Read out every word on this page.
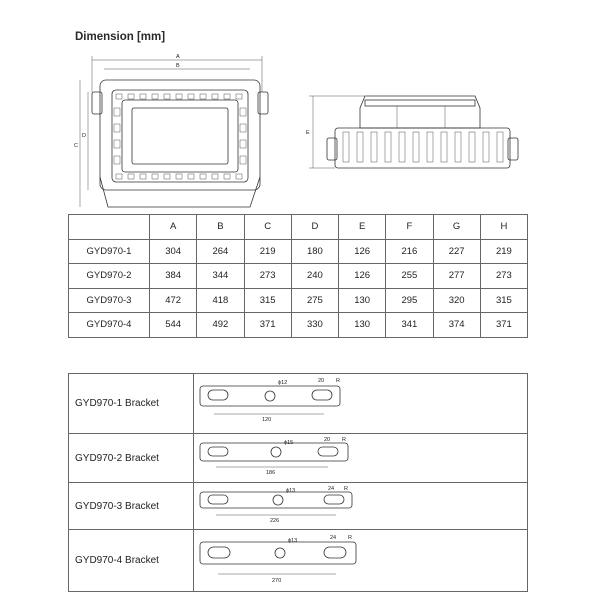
Dimension [mm]
A
B
C
D	E
	A	B	C	D	E	F	G	H
GYD970-1	304	264	219	180	126	216	227	219
GYD970-2	384	344	273	240	126	255	277	273
GYD970-3	472	418	315	275	130	295	320	315
GYD970-4	544	492	371	330	130	341	374	371
GYD970-1 Bracket	120
ϕ12 20 R

GYD970-2 Bracket	186
ϕ15 20 R

GYD970-3 Bracket	226
ϕ13 24 R

GYD970-4 Bracket	270
ϕ13 24 R
